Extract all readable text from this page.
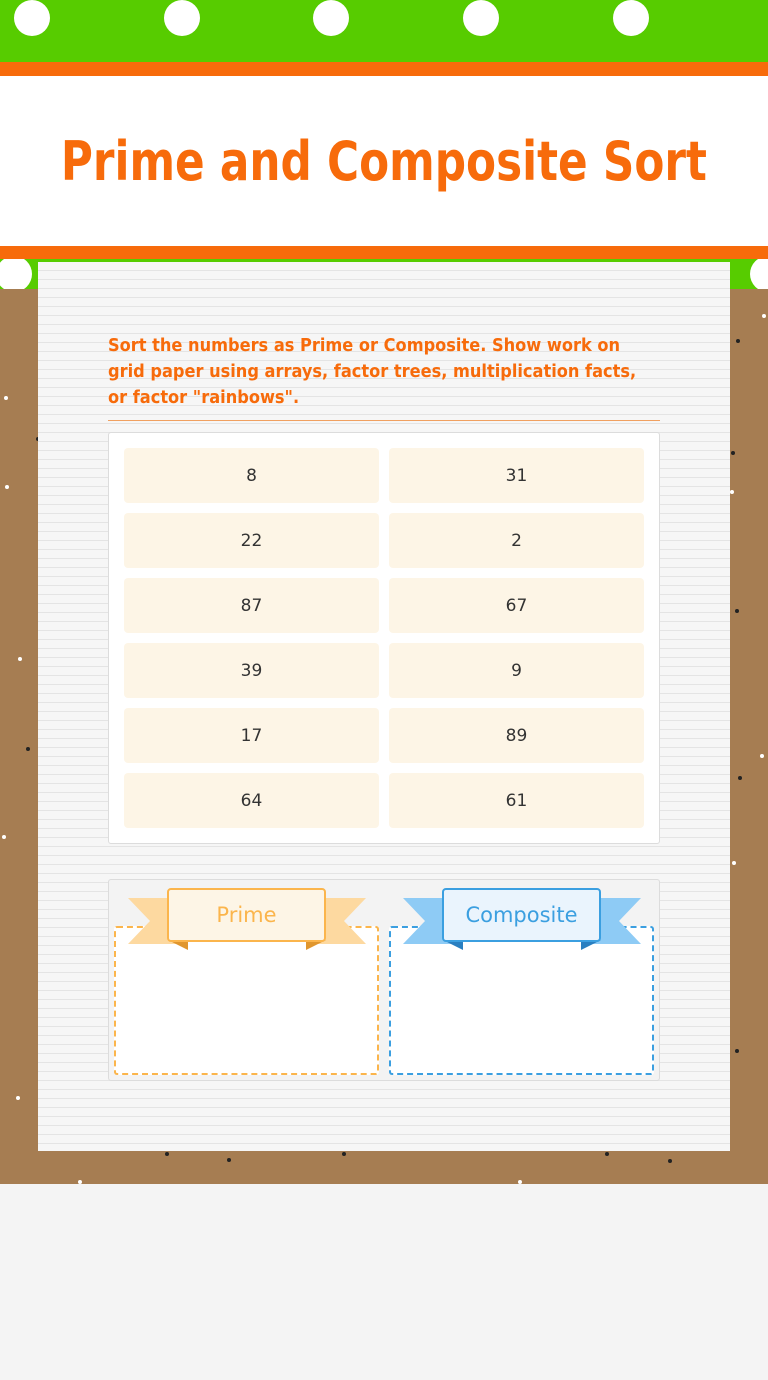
Prime and Composite Sort

Sort the numbers as Prime or Composite. Show work on grid paper using arrays, factor trees, multiplication facts, or factor "rainbows".

8	31
22	2
87	67
39	9
17	89
64	61
Prime	Composite
